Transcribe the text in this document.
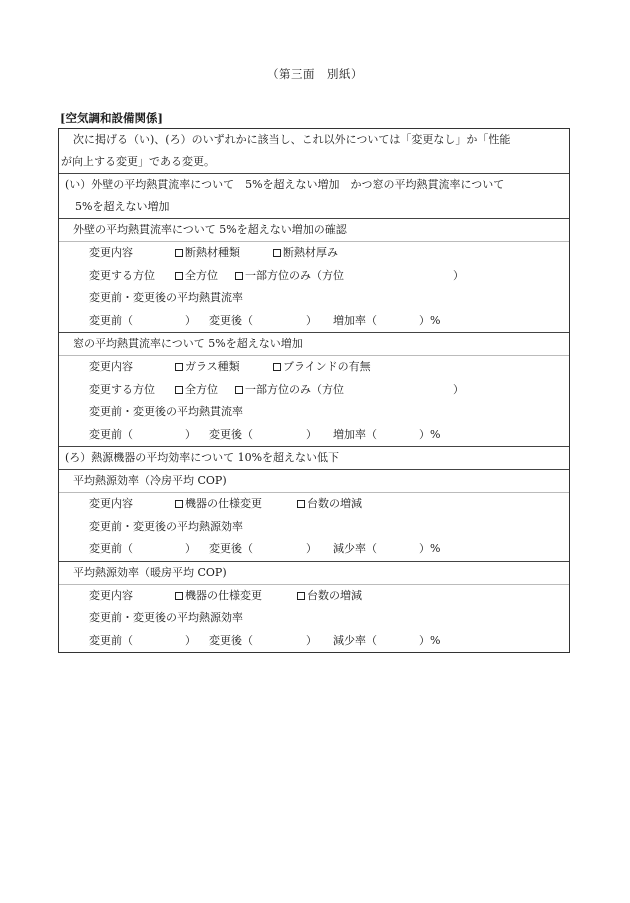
（第三面　別紙）
[空気調和設備関係]
次に掲げる（い)、(ろ）のいずれかに該当し、これ以外については「変更なし」か「性能
が向上する変更」である変更。
(い）外壁の平均熱貫流率について　5%を超えない増加　かつ窓の平均熱貫流率について
5%を超えない増加
外壁の平均熱貫流率について 5%を超えない増加の確認
変更内容	断熱材種類	断熱材厚み
変更する方位	全方位	一部方位のみ（方位	）
変更前・変更後の平均熱貫流率
変更前（	） 変更後（	） 増加率（	）%
窓の平均熱貫流率について 5%を超えない増加
変更内容	ガラス種類	ブラインドの有無
変更する方位	全方位	一部方位のみ（方位	）
変更前・変更後の平均熱貫流率
変更前（	） 変更後（	） 増加率（	）%
(ろ）熱源機器の平均効率について 10%を超えない低下
平均熱源効率（冷房平均 COP)
変更内容	機器の仕様変更	台数の増減
変更前・変更後の平均熱源効率
変更前（	） 変更後（	） 減少率（	）%
平均熱源効率（暖房平均 COP)
変更内容	機器の仕様変更	台数の増減
変更前・変更後の平均熱源効率
変更前（	） 変更後（	） 減少率（	）%
